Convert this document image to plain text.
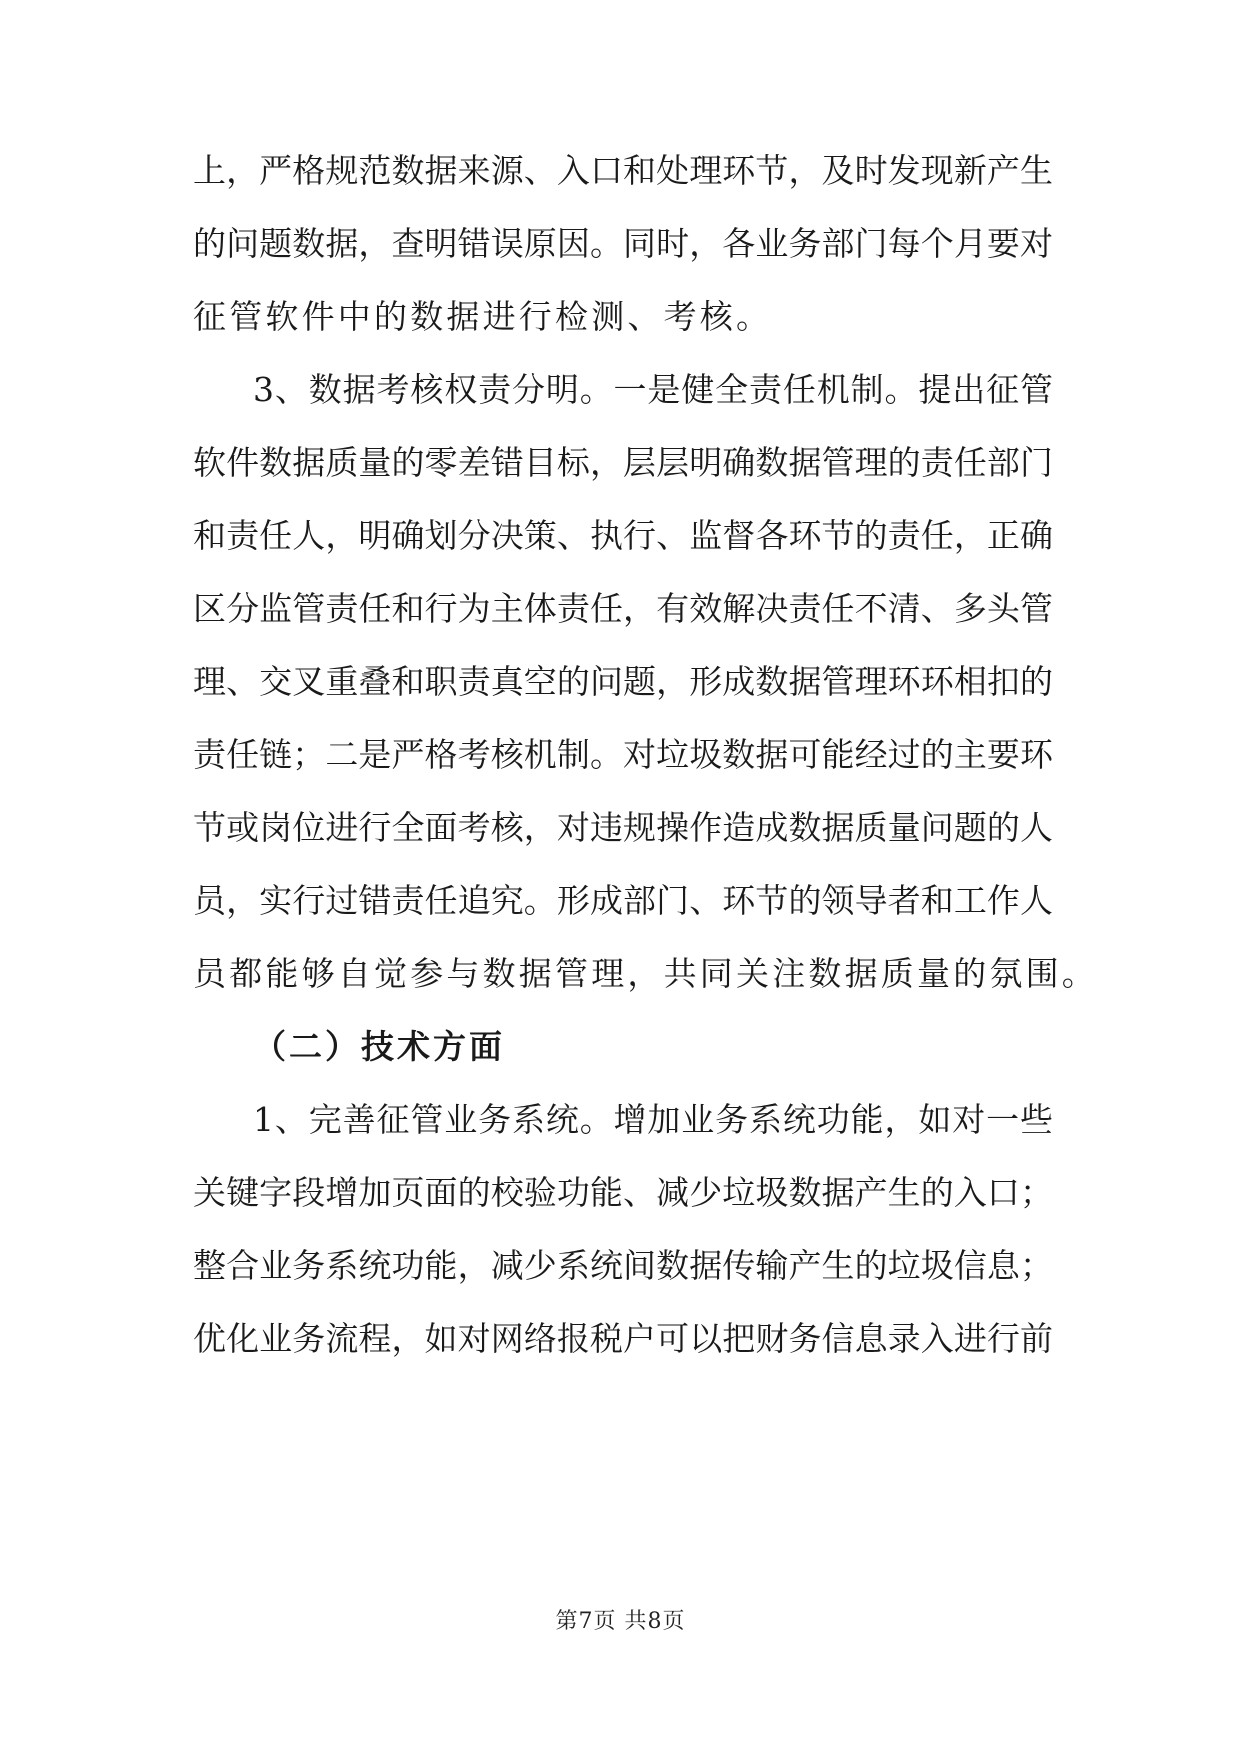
上，严格规范数据来源、入口和处理环节，及时发现新产生
的问题数据，查明错误原因。同时，各业务部门每个月要对
征管软件中的数据进行检测、考核。
3、数据考核权责分明。一是健全责任机制。提出征管
软件数据质量的零差错目标，层层明确数据管理的责任部门
和责任人，明确划分决策、执行、监督各环节的责任，正确
区分监管责任和行为主体责任，有效解决责任不清、多头管
理、交叉重叠和职责真空的问题，形成数据管理环环相扣的
责任链；二是严格考核机制。对垃圾数据可能经过的主要环
节或岗位进行全面考核，对违规操作造成数据质量问题的人
员，实行过错责任追究。形成部门、环节的领导者和工作人
员都能够自觉参与数据管理，共同关注数据质量的氛围。
（二）技术方面
1、完善征管业务系统。增加业务系统功能，如对一些
关键字段增加页面的校验功能、减少垃圾数据产生的入口；
整合业务系统功能，减少系统间数据传输产生的垃圾信息；
优化业务流程，如对网络报税户可以把财务信息录入进行前
第7页 共8页
